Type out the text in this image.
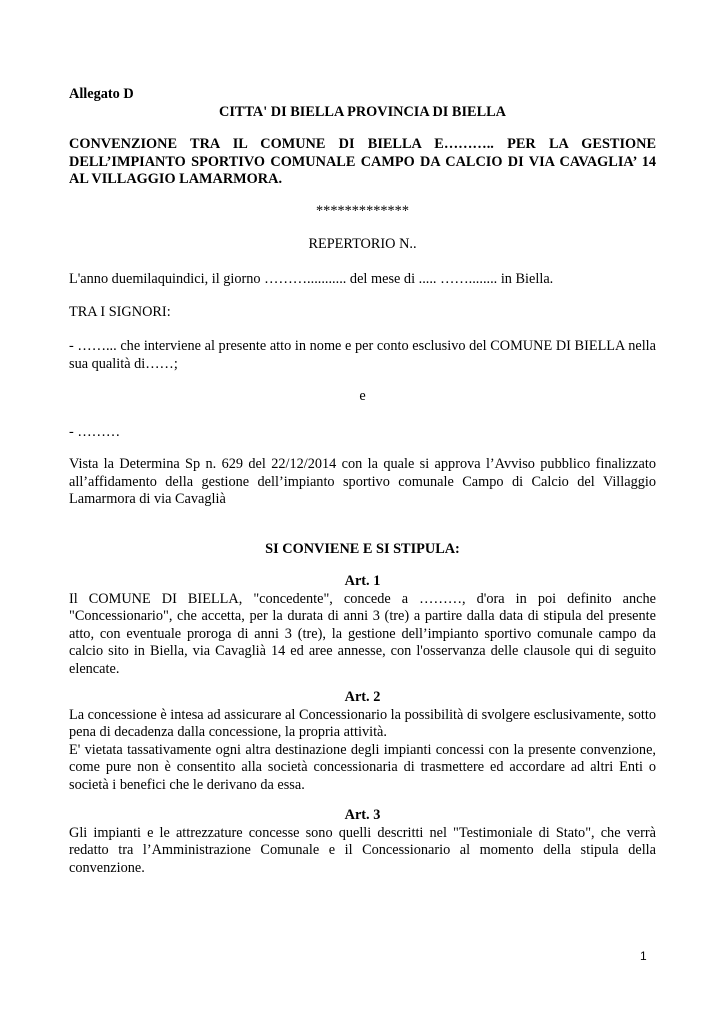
Allegato D

CITTA' DI BIELLA PROVINCIA DI BIELLA

CONVENZIONE TRA IL COMUNE DI BIELLA E……….. PER LA GESTIONE DELL’IMPIANTO SPORTIVO COMUNALE CAMPO DA CALCIO DI VIA CAVAGLIA’ 14 AL VILLAGGIO LAMARMORA.

*************

REPERTORIO N..

L'anno duemilaquindici, il giorno ………........... del mese di ..... ……........ in Biella.

TRA I SIGNORI:

- ……... che interviene al presente atto in nome e per conto esclusivo del COMUNE DI BIELLA nella sua qualità di……;

e

- ………

Vista la Determina Sp n. 629 del 22/12/2014 con la quale si approva l’Avviso pubblico finalizzato all’affidamento della gestione dell’impianto sportivo comunale Campo di Calcio del Villaggio Lamarmora di via Cavaglià

SI CONVIENE E SI STIPULA:

Art. 1

Il COMUNE DI BIELLA, "concedente", concede a ………, d'ora in poi definito anche "Concessionario", che accetta, per la durata di anni 3 (tre) a partire dalla data di stipula del presente atto, con eventuale proroga di anni 3 (tre), la gestione dell’impianto sportivo comunale campo da calcio sito in Biella, via Cavaglià 14 ed aree annesse, con l'osservanza delle clausole qui di seguito elencate.

Art. 2

La concessione è intesa ad assicurare al Concessionario la possibilità di svolgere esclusivamente, sotto pena di decadenza dalla concessione, la propria attività.

E' vietata tassativamente ogni altra destinazione degli impianti concessi con la presente convenzione, come pure non è consentito alla società concessionaria di trasmettere ed accordare ad altri Enti o società i benefici che le derivano da essa.

Art. 3

Gli impianti e le attrezzature concesse sono quelli descritti nel "Testimoniale di Stato", che verrà redatto tra l’Amministrazione Comunale e il Concessionario al momento della stipula della convenzione.

1
